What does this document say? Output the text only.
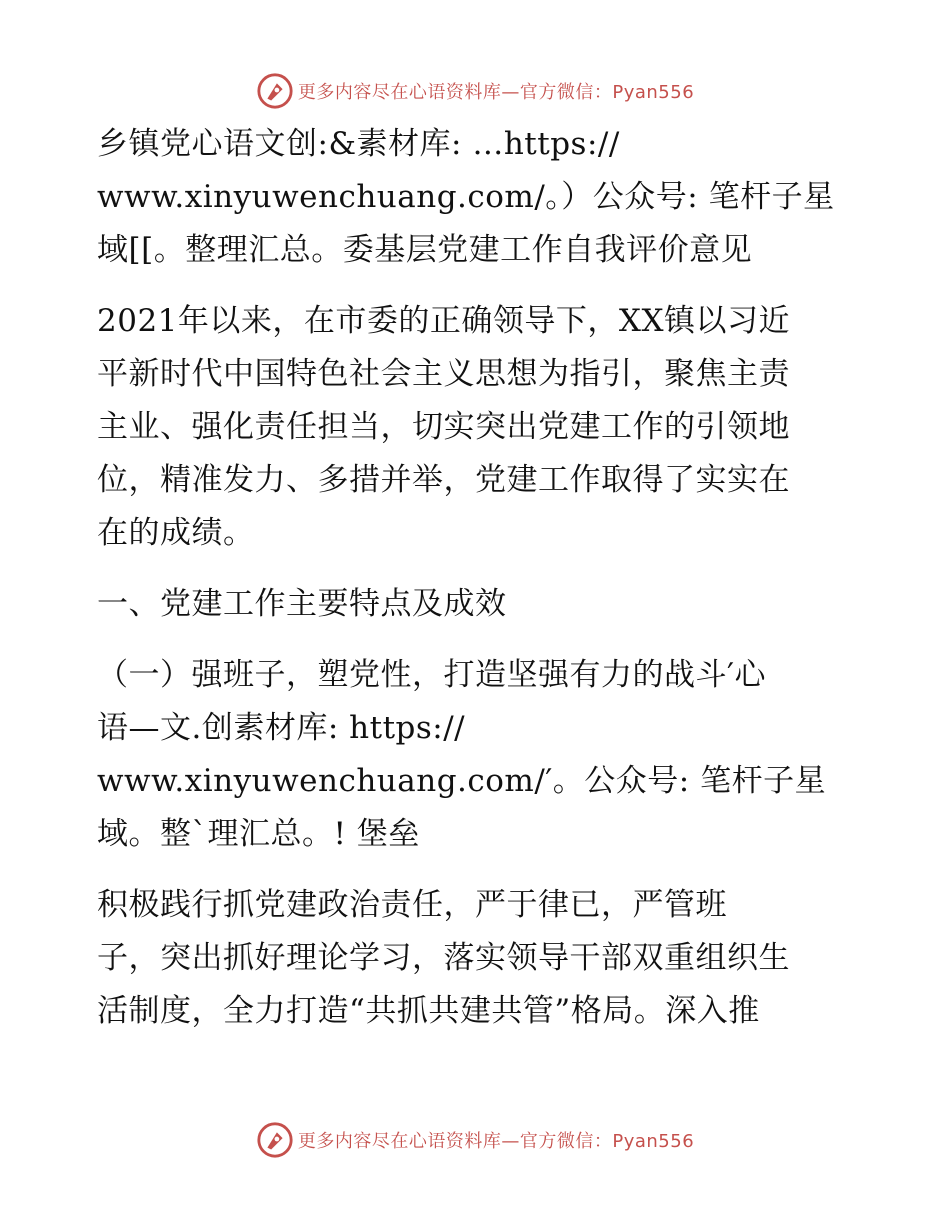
更多内容尽在心语资料库—官方微信：Pyan556
乡镇党心语文创:&素材库: …https://
www.xinyuwenchuang.com/。）公众号: 笔杆子星
域[[。整理汇总。委基层党建工作自我评价意见
2021年以来，在市委的正确领导下，XX镇以习近
平新时代中国特色社会主义思想为指引，聚焦主责
主业、强化责任担当，切实突出党建工作的引领地
位，精准发力、多措并举，党建工作取得了实实在
在的成绩。
一、党建工作主要特点及成效
（一）强班子，塑党性，打造坚强有力的战斗′心
语—文.创素材库: https://
www.xinyuwenchuang.com/′。公众号: 笔杆子星
域。整`理汇总。! 堡垒
积极践行抓党建政治责任，严于律已，严管班
子，突出抓好理论学习，落实领导干部双重组织生
活制度，全力打造“共抓共建共管”格局。深入推
更多内容尽在心语资料库—官方微信：Pyan556
